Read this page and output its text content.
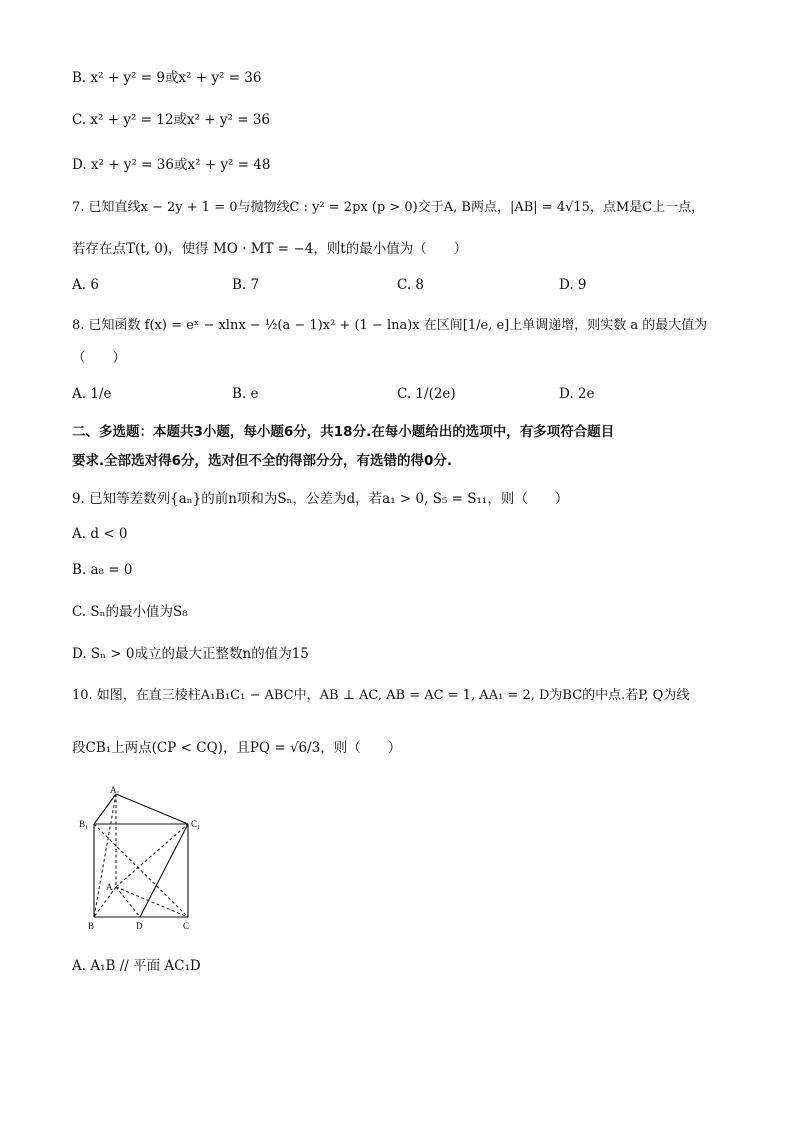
B. x² + y² = 9或x² + y² = 36
C. x² + y² = 12或x² + y² = 36
D. x² + y² = 36或x² + y² = 48
7. 已知直线x − 2y + 1 = 0与抛物线C : y² = 2px (p > 0)交于A, B两点，|AB| = 4√15，点M是C上一点，
若存在点T(t, 0)，使得 MO · MT = −4，则t的最小值为（　　）
A. 6	B. 7	C. 8	D. 9
8. 已知函数 f(x) = eˣ − xlnx − ½(a − 1)x² + (1 − lna)x 在区间[1/e, e]上单调递增，则实数 a 的最大值为
（　　）
A. 1/e	B. e	C. 1/(2e)	D. 2e
二、多选题：本题共3小题，每小题6分，共18分.在每小题给出的选项中，有多项符合题目
要求.全部选对得6分，选对但不全的得部分分，有选错的得0分.
9. 已知等差数列{aₙ}的前n项和为Sₙ，公差为d，若a₁ > 0, S₅ = S₁₁，则（　　）
A. d < 0
B. a₈ = 0
C. Sₙ的最小值为S₈
D. Sₙ > 0成立的最大正整数n的值为15
10. 如图，在直三棱柱A₁B₁C₁ − ABC中，AB ⊥ AC, AB = AC = 1, AA₁ = 2, D为BC的中点.若P, Q为线
段CB₁上两点(CP < CQ)，且PQ = √6/3，则（　　）
A₁
B₁	C₁
A
B	D	C
A. A₁B // 平面 AC₁D
